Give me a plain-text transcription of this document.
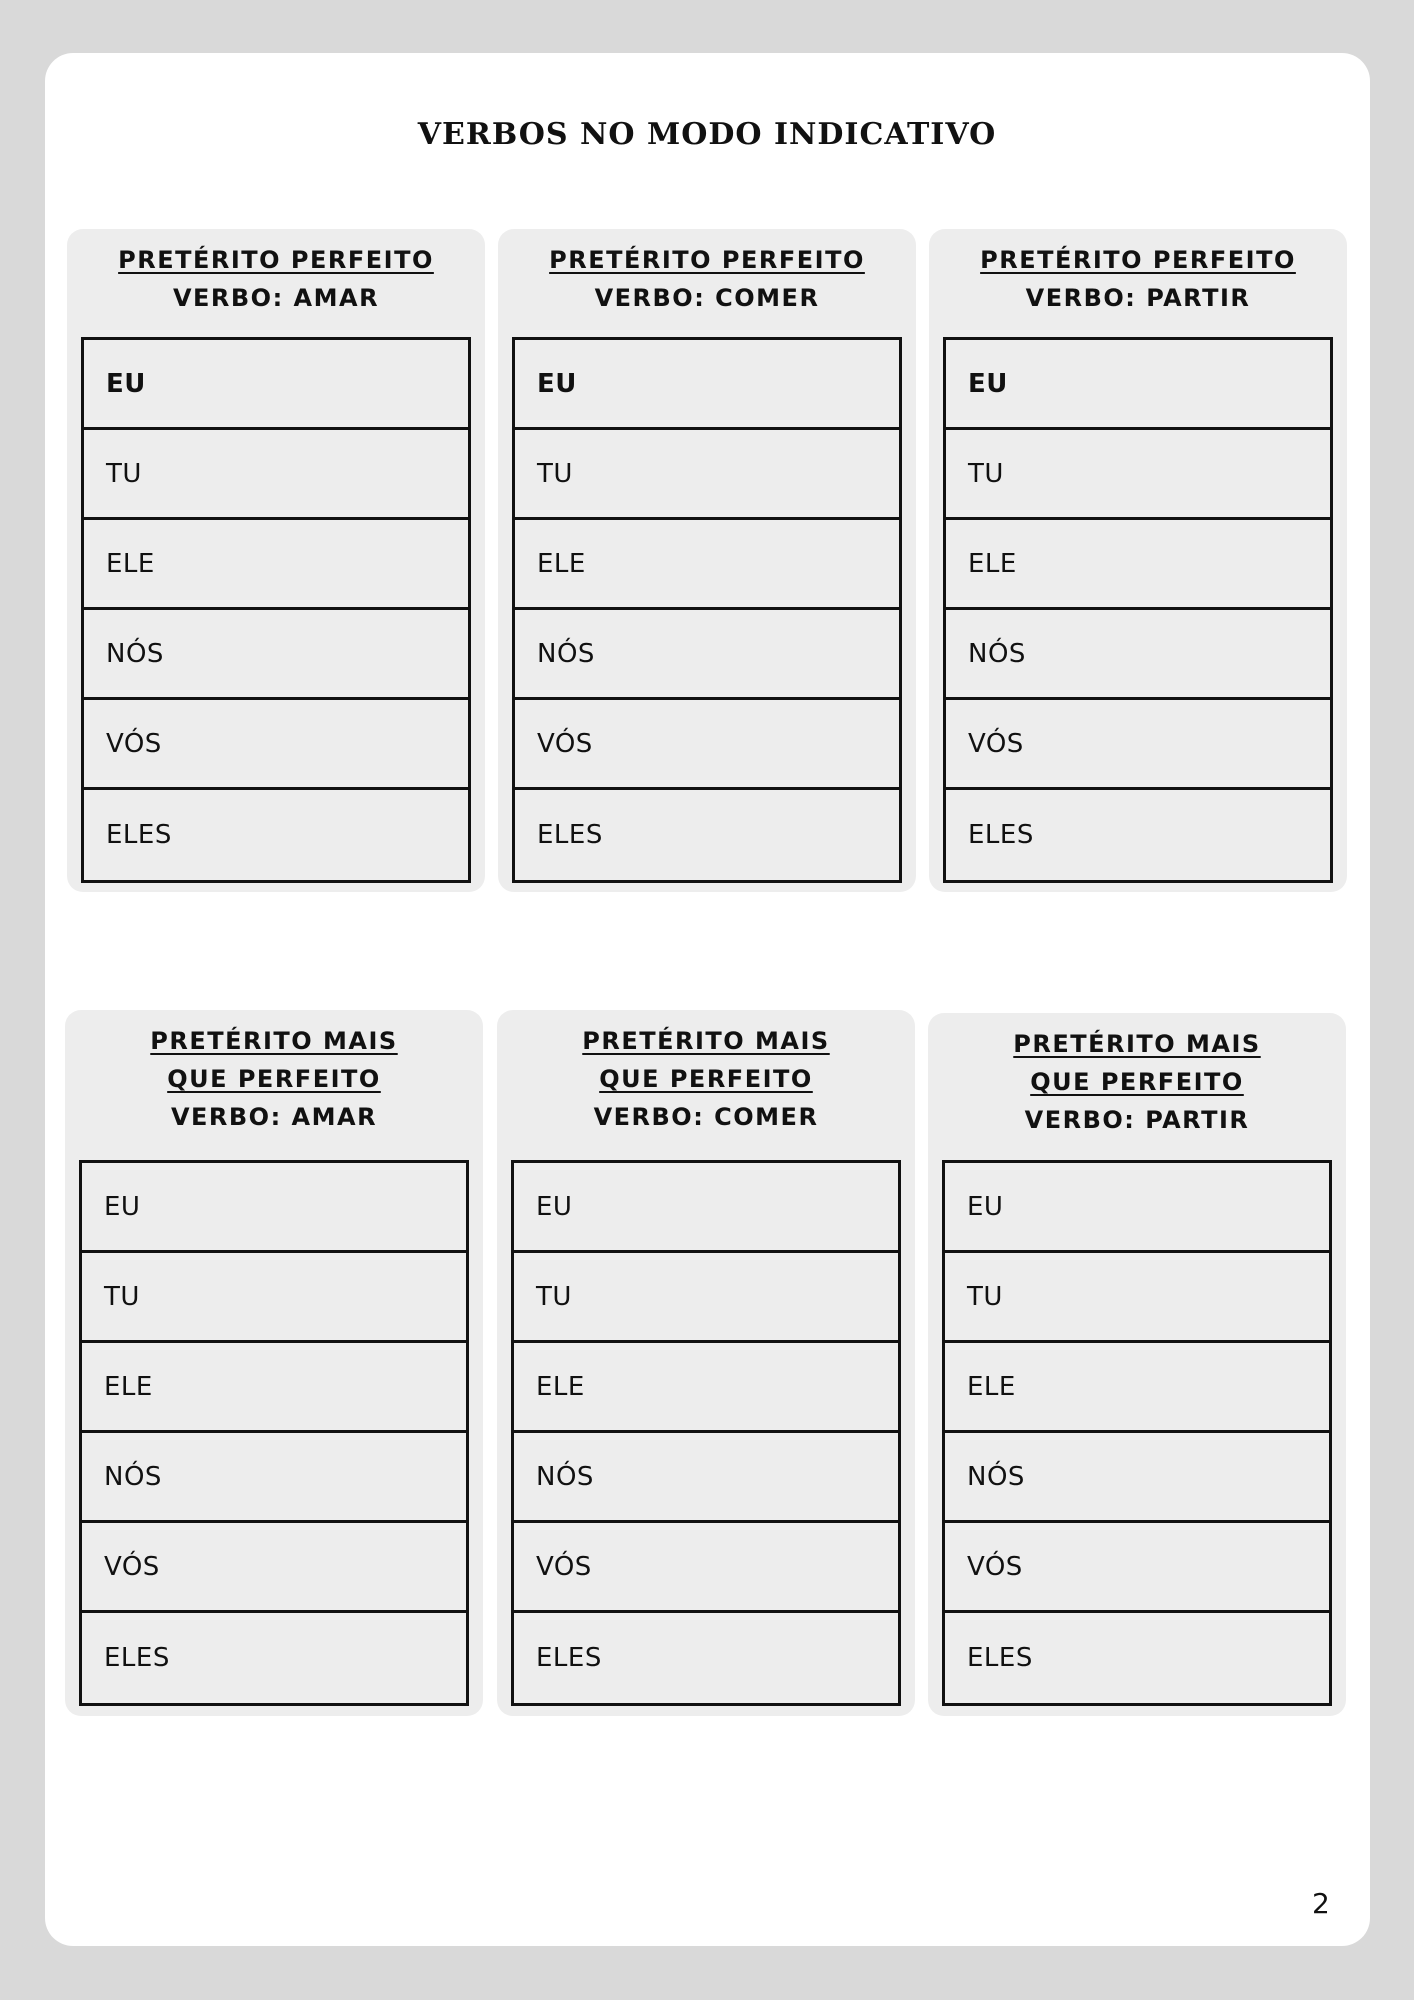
VERBOS NO MODO INDICATIVO
PRETÉRITO PERFEITO
VERBO: AMAR
EU
TU
ELE
NÓS
VÓS
ELES
PRETÉRITO PERFEITO
VERBO: COMER
EU
TU
ELE
NÓS
VÓS
ELES
PRETÉRITO PERFEITO
VERBO: PARTIR
EU
TU
ELE
NÓS
VÓS
ELES
PRETÉRITO MAIS QUE PERFEITO
VERBO: AMAR
EU
TU
ELE
NÓS
VÓS
ELES
PRETÉRITO MAIS QUE PERFEITO
VERBO: COMER
EU
TU
ELE
NÓS
VÓS
ELES
PRETÉRITO MAIS QUE PERFEITO
VERBO: PARTIR
EU
TU
ELE
NÓS
VÓS
ELES
2
